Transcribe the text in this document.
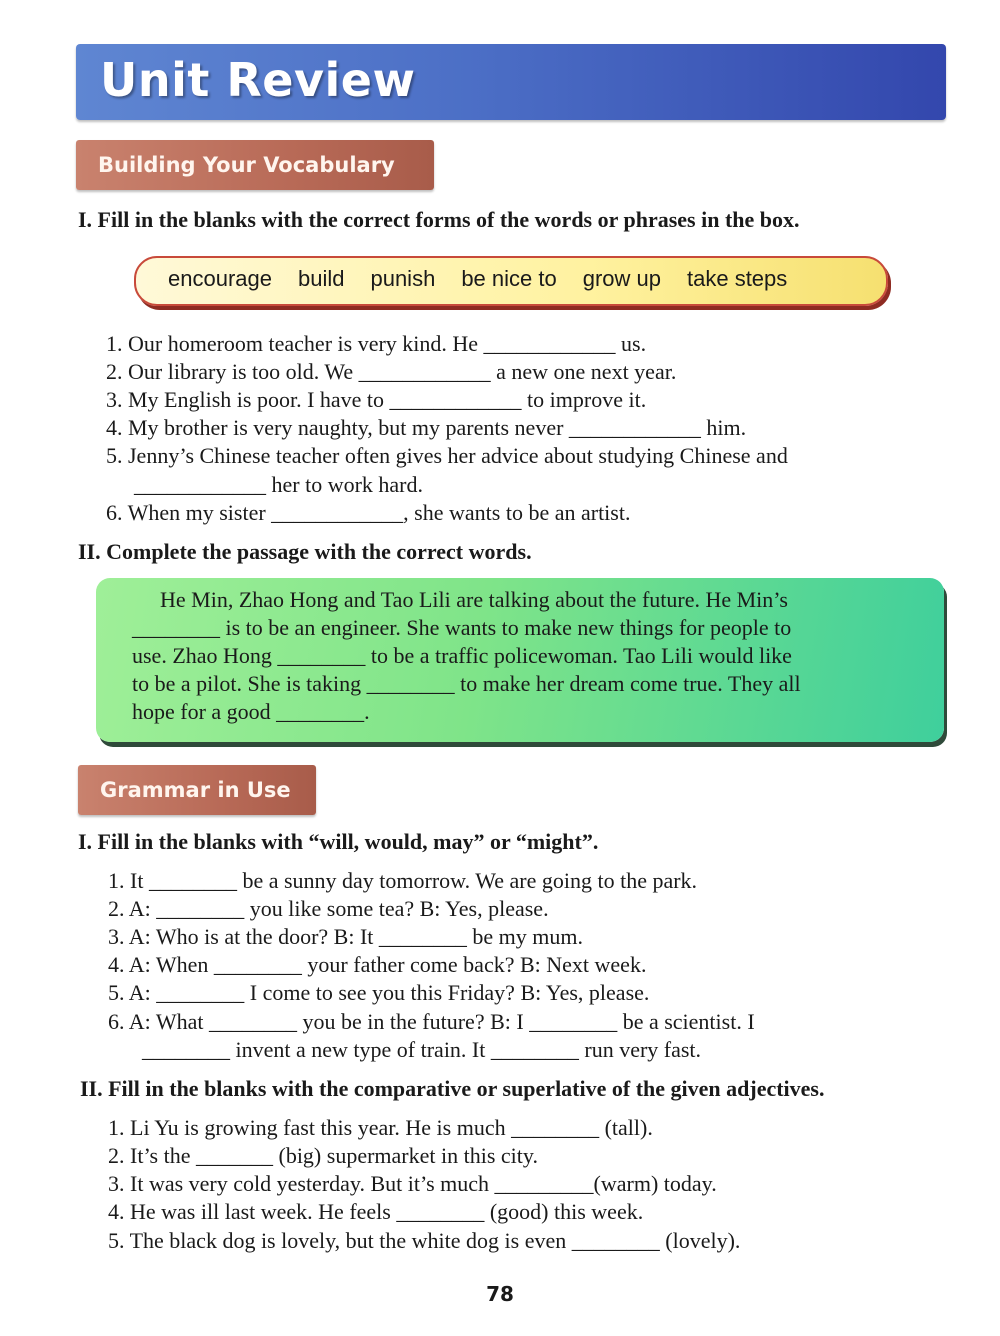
Unit Review
Building Your Vocabulary
I. Fill in the blanks with the correct forms of the words or phrases in the box.
encourage build punish be nice to grow up take steps
1. Our homeroom teacher is very kind. He ____________ us.
2. Our library is too old. We ____________ a new one next year.
3. My English is poor. I have to ____________ to improve it.
4. My brother is very naughty, but my parents never ____________ him.
5. Jenny’s Chinese teacher often gives her advice about studying Chinese and
____________ her to work hard.
6. When my sister ____________, she wants to be an artist.
II. Complete the passage with the correct words.
He Min, Zhao Hong and Tao Lili are talking about the future. He Min’s
________ is to be an engineer. She wants to make new things for people to
use. Zhao Hong ________ to be a traffic policewoman. Tao Lili would like
to be a pilot. She is taking ________ to make her dream come true. They all
hope for a good ________.
Grammar in Use
I. Fill in the blanks with “will, would, may” or “might”.
1. It ________ be a sunny day tomorrow. We are going to the park.
2. A: ________ you like some tea? B: Yes, please.
3. A: Who is at the door? B: It ________ be my mum.
4. A: When ________ your father come back? B: Next week.
5. A: ________ I come to see you this Friday? B: Yes, please.
6. A: What ________ you be in the future? B: I ________ be a scientist. I
________ invent a new type of train. It ________ run very fast.
II. Fill in the blanks with the comparative or superlative of the given adjectives.
1. Li Yu is growing fast this year. He is much ________ (tall).
2. It’s the _______ (big) supermarket in this city.
3. It was very cold yesterday. But it’s much _________(warm) today.
4. He was ill last week. He feels ________ (good) this week.
5. The black dog is lovely, but the white dog is even ________ (lovely).
78
